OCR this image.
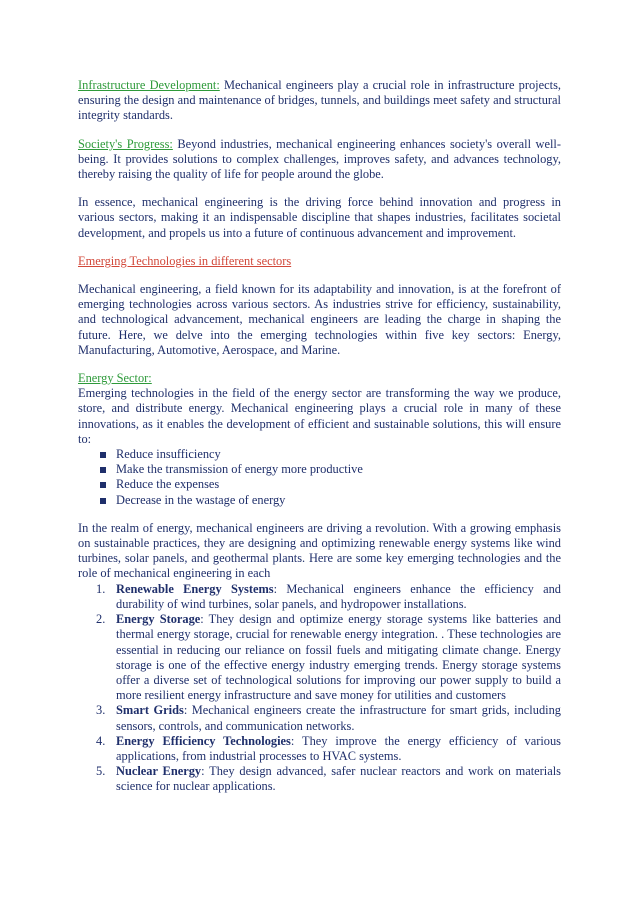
Infrastructure Development: Mechanical engineers play a crucial role in infrastructure projects, ensuring the design and maintenance of bridges, tunnels, and buildings meet safety and structural integrity standards.

Society's Progress: Beyond industries, mechanical engineering enhances society's overall well-being. It provides solutions to complex challenges, improves safety, and advances technology, thereby raising the quality of life for people around the globe.

In essence, mechanical engineering is the driving force behind innovation and progress in various sectors, making it an indispensable discipline that shapes industries, facilitates societal development, and propels us into a future of continuous advancement and improvement.

Emerging Technologies in different sectors

Mechanical engineering, a field known for its adaptability and innovation, is at the forefront of emerging technologies across various sectors. As industries strive for efficiency, sustainability, and technological advancement, mechanical engineers are leading the charge in shaping the future. Here, we delve into the emerging technologies within five key sectors: Energy, Manufacturing, Automotive, Aerospace, and Marine.

Energy Sector:

Emerging technologies in the field of the energy sector are transforming the way we produce, store, and distribute energy. Mechanical engineering plays a crucial role in many of these innovations, as it enables the development of efficient and sustainable solutions, this will ensure to:

Reduce insufficiency
Make the transmission of energy more productive
Reduce the expenses
Decrease in the wastage of energy

In the realm of energy, mechanical engineers are driving a revolution. With a growing emphasis on sustainable practices, they are designing and optimizing renewable energy systems like wind turbines, solar panels, and geothermal plants. Here are some key emerging technologies and the role of mechanical engineering in each

1. Renewable Energy Systems: Mechanical engineers enhance the efficiency and durability of wind turbines, solar panels, and hydropower installations.
2. Energy Storage: They design and optimize energy storage systems like batteries and thermal energy storage, crucial for renewable energy integration. . These technologies are essential in reducing our reliance on fossil fuels and mitigating climate change. Energy storage is one of the effective energy industry emerging trends. Energy storage systems offer a diverse set of technological solutions for improving our power supply to build a more resilient energy infrastructure and save money for utilities and customers
3. Smart Grids: Mechanical engineers create the infrastructure for smart grids, including sensors, controls, and communication networks.
4. Energy Efficiency Technologies: They improve the energy efficiency of various applications, from industrial processes to HVAC systems.
5. Nuclear Energy: They design advanced, safer nuclear reactors and work on materials science for nuclear applications.
